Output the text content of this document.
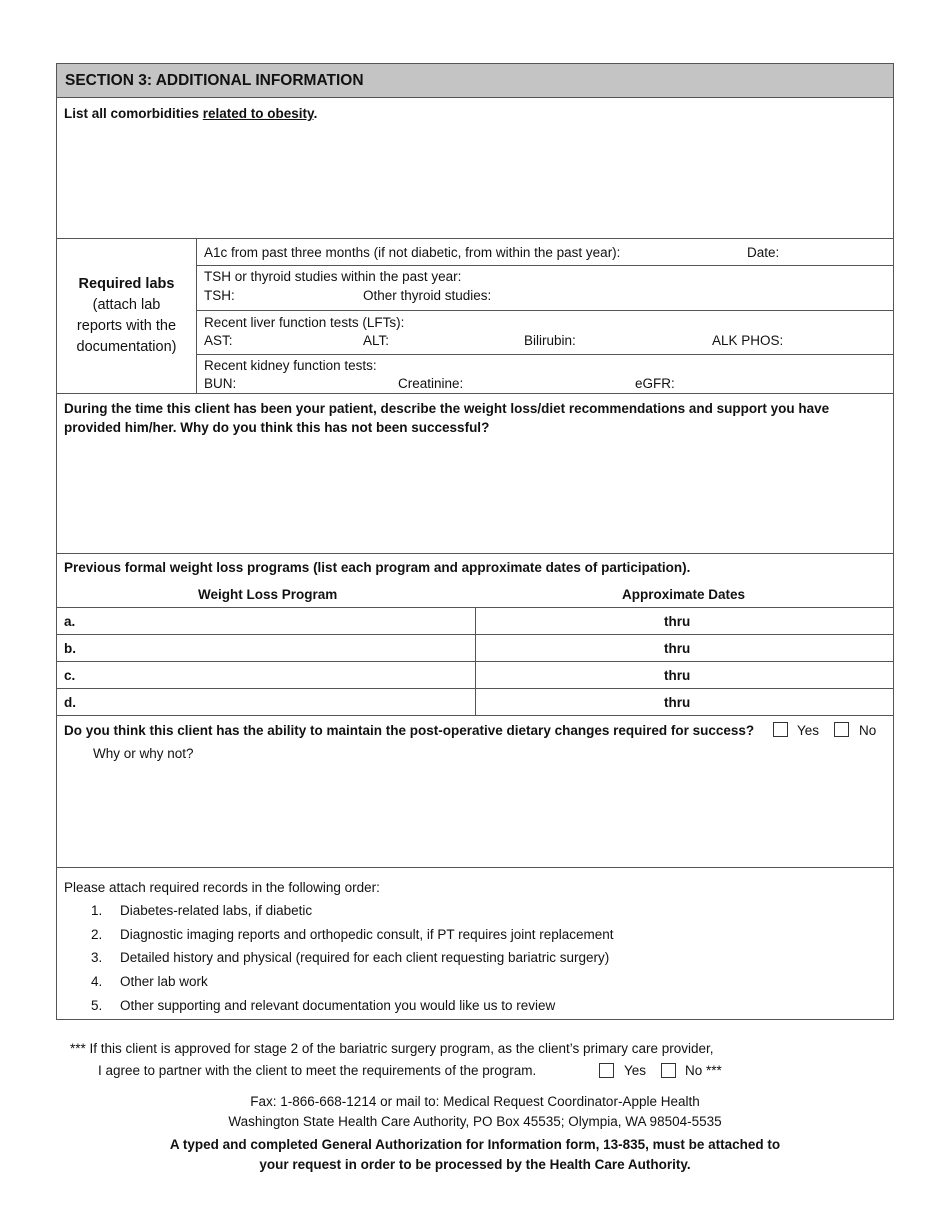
SECTION 3: ADDITIONAL INFORMATION
List all comorbidities related to obesity.
Required labs
(attach lab
reports with the
documentation)
A1c from past three months (if not diabetic, from within the past year):	Date:
TSH or thyroid studies within the past year:
TSH:	Other thyroid studies:
Recent liver function tests (LFTs):
AST:	ALT:	Bilirubin:	ALK PHOS:
Recent kidney function tests:
BUN:	Creatinine:	eGFR:
During the time this client has been your patient, describe the weight loss/diet recommendations and support you have
provided him/her. Why do you think this has not been successful?
Previous formal weight loss programs (list each program and approximate dates of participation).
Weight Loss Program	Approximate Dates
a.	thru
b.	thru
c.	thru
d.	thru
Do you think this client has the ability to maintain the post-operative dietary changes required for success?	Yes	No
Why or why not?
Please attach required records in the following order:
1. Diabetes-related labs, if diabetic
2. Diagnostic imaging reports and orthopedic consult, if PT requires joint replacement
3. Detailed history and physical (required for each client requesting bariatric surgery)
4. Other lab work
5. Other supporting and relevant documentation you would like us to review
*** If this client is approved for stage 2 of the bariatric surgery program, as the client’s primary care provider,
I agree to partner with the client to meet the requirements of the program.	Yes	No ***
Fax: 1-866-668-1214 or mail to: Medical Request Coordinator-Apple Health
Washington State Health Care Authority, PO Box 45535; Olympia, WA 98504-5535
A typed and completed General Authorization for Information form, 13-835, must be attached to
your request in order to be processed by the Health Care Authority.
